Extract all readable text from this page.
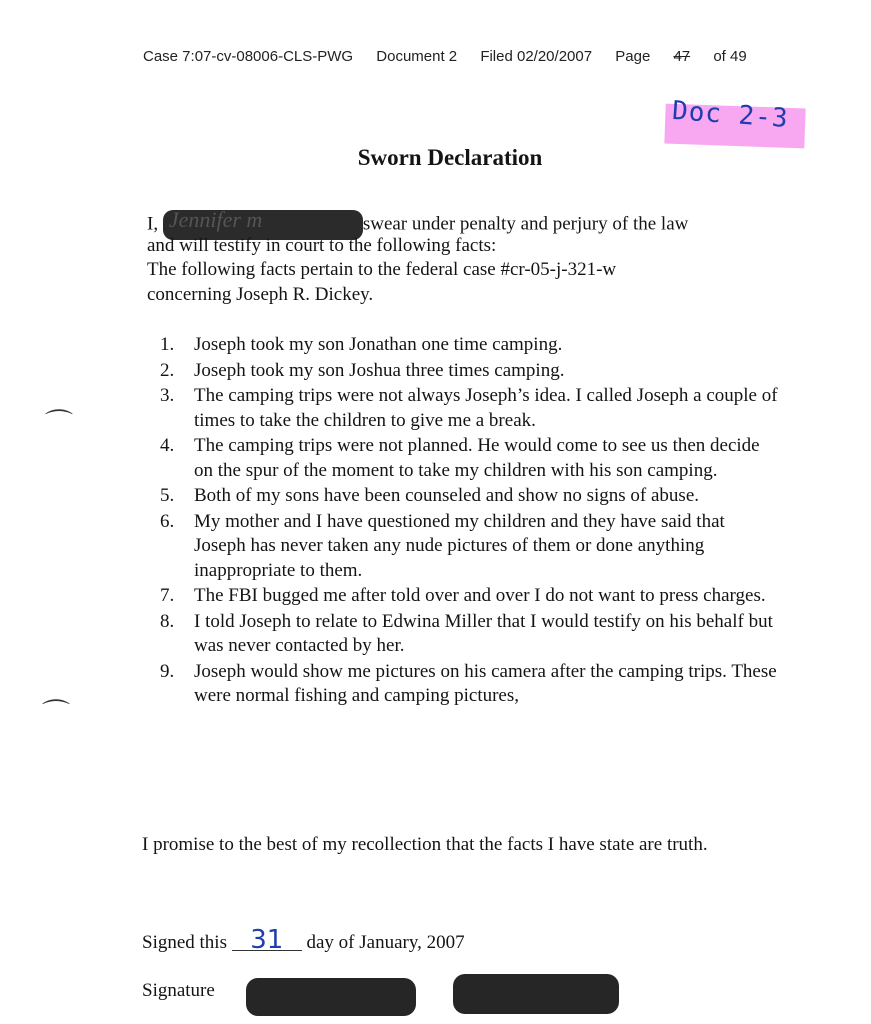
Case 7:07-cv-08006-CLS-PWG Document 2 Filed 02/20/2007 Page 47 of 49
Doc 2-3
Sworn Declaration
I, Jennifer m	swear under penalty and perjury of the law
and will testify in court to the following facts:
The following facts pertain to the federal case #cr-05-j-321-w
concerning Joseph R. Dickey.
1. Joseph took my son Jonathan one time camping.
2. Joseph took my son Joshua three times camping.
3. The camping trips were not always Joseph’s idea. I called Joseph a couple of times to take the children to give me a break.
4. The camping trips were not planned. He would come to see us then decide on the spur of the moment to take my children with his son camping.
5. Both of my sons have been counseled and show no signs of abuse.
6. My mother and I have questioned my children and they have said that Joseph has never taken any nude pictures of them or done anything inappropriate to them.
7. The FBI bugged me after told over and over I do not want to press charges.
8. I told Joseph to relate to Edwina Miller that I would testify on his behalf but was never contacted by her.
9. Joseph would show me pictures on his camera after the camping trips. These were normal fishing and camping pictures,
I promise to the best of my recollection that the facts I have state are truth.
Signed this 31 day of January, 2007
Signature
⌒
⌒
